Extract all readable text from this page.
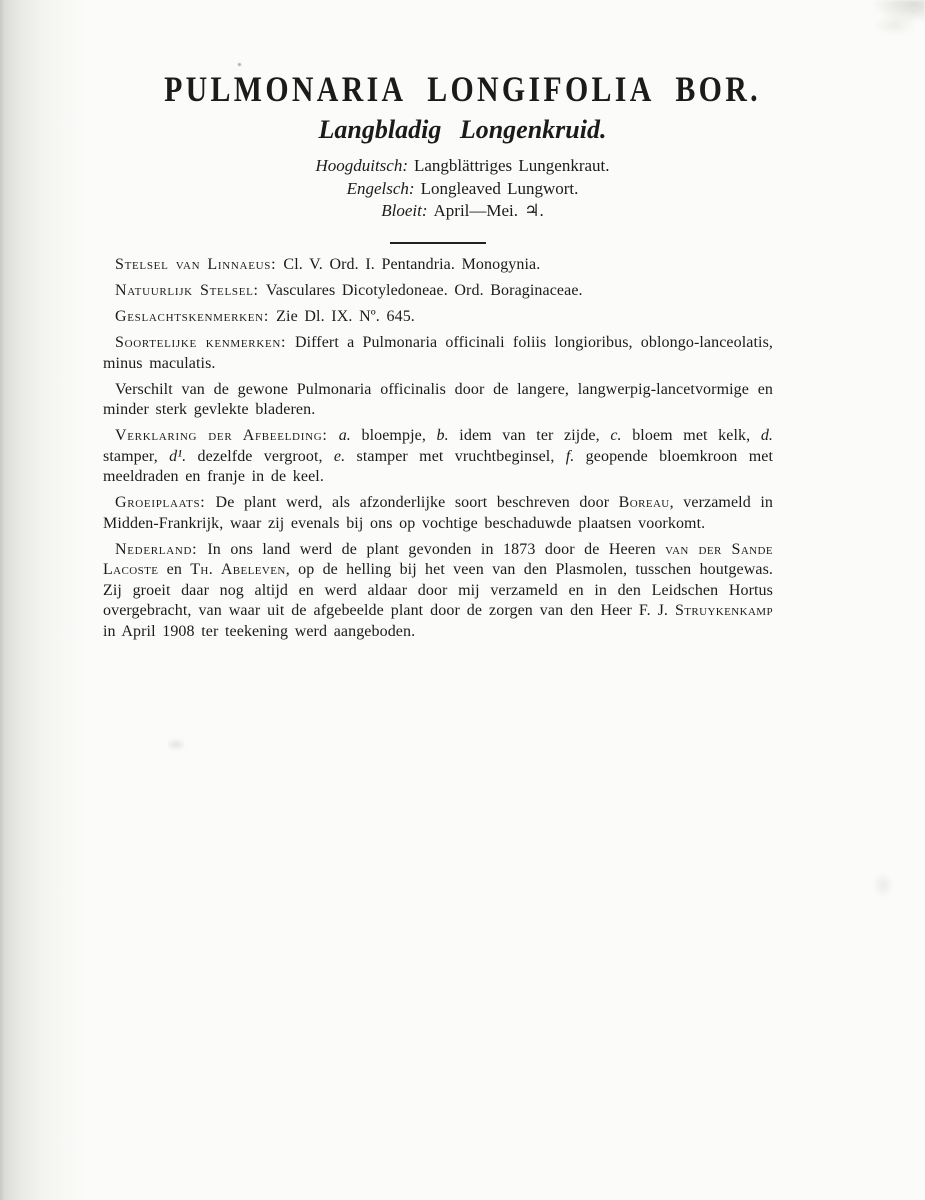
PULMONARIA LONGIFOLIA BOR.
Langbladig Longenkruid.
Hoogduitsch: Langblättriges Lungenkraut.
Engelsch: Longleaved Lungwort.
Bloeit: April—Mei. ♃.

Stelsel van Linnaeus: Cl. V. Ord. I. Pentandria. Monogynia.

Natuurlijk Stelsel: Vasculares Dicotyledoneae. Ord. Boraginaceae.

Geslachtskenmerken: Zie Dl. IX. Nº. 645.

Soortelijke kenmerken: Differt a Pulmonaria officinali foliis longioribus, oblongo-lanceolatis, minus maculatis.

Verschilt van de gewone Pulmonaria officinalis door de langere, langwerpig-lancetvormige en minder sterk gevlekte bladeren.

Verklaring der Afbeelding: a. bloempje, b. idem van ter zijde, c. bloem met kelk, d. stamper, d¹. dezelfde vergroot, e. stamper met vruchtbeginsel, f. geopende bloemkroon met meeldraden en franje in de keel.

Groeiplaats: De plant werd, als afzonderlijke soort beschreven door Boreau, verzameld in Midden-Frankrijk, waar zij evenals bij ons op vochtige beschaduwde plaatsen voorkomt.

Nederland: In ons land werd de plant gevonden in 1873 door de Heeren van der Sande Lacoste en Th. Abeleven, op de helling bij het veen van den Plasmolen, tusschen houtgewas. Zij groeit daar nog altijd en werd aldaar door mij verzameld en in den Leidschen Hortus overgebracht, van waar uit de afgebeelde plant door de zorgen van den Heer F. J. Struykenkamp in April 1908 ter teekening werd aangeboden.
